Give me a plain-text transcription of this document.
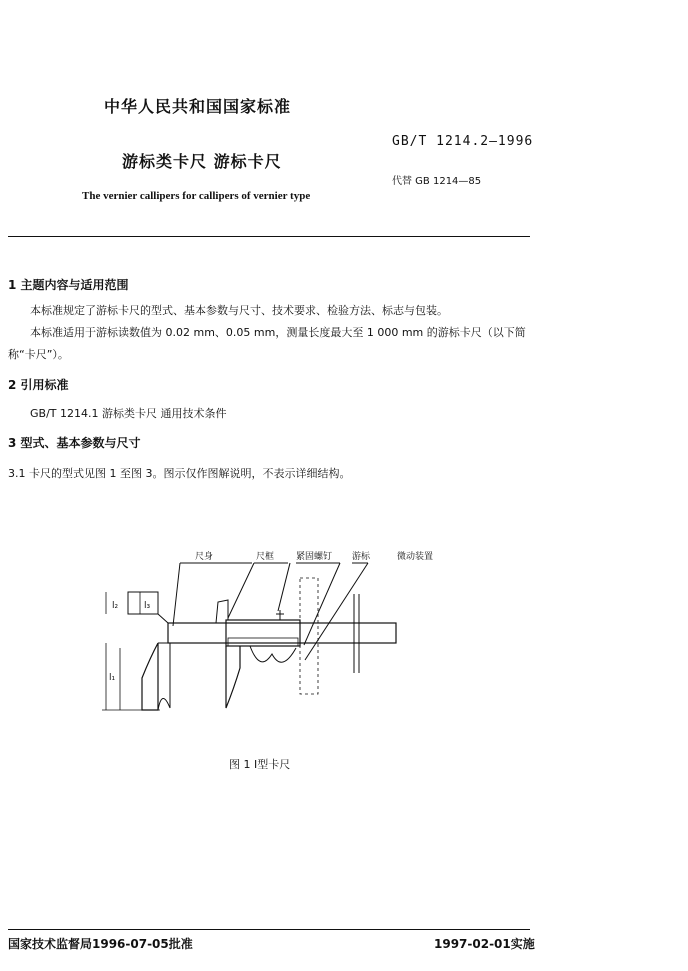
中华人民共和国国家标准
GB/T 1214.2—1996
游标类卡尺 游标卡尺
代替 GB 1214—85
The vernier callipers for callipers of vernier type
1 主题内容与适用范围
本标准规定了游标卡尺的型式、基本参数与尺寸、技术要求、检验方法、标志与包装。
本标准适用于游标读数值为 0.02 mm、0.05 mm，测量长度最大至 1 000 mm 的游标卡尺（以下简
称“卡尺”）。
2 引用标准
GB/T 1214.1 游标类卡尺 通用技术条件
3 型式、基本参数与尺寸
3.1 卡尺的型式见图 1 至图 3。图示仅作图解说明，不表示详细结构。
尺身	尺框 紧固螺钉 游标	微动装置
l₂	l₃
l₁
图 1 Ⅰ型卡尺
国家技术监督局1996-07-05批准	1997-02-01实施
